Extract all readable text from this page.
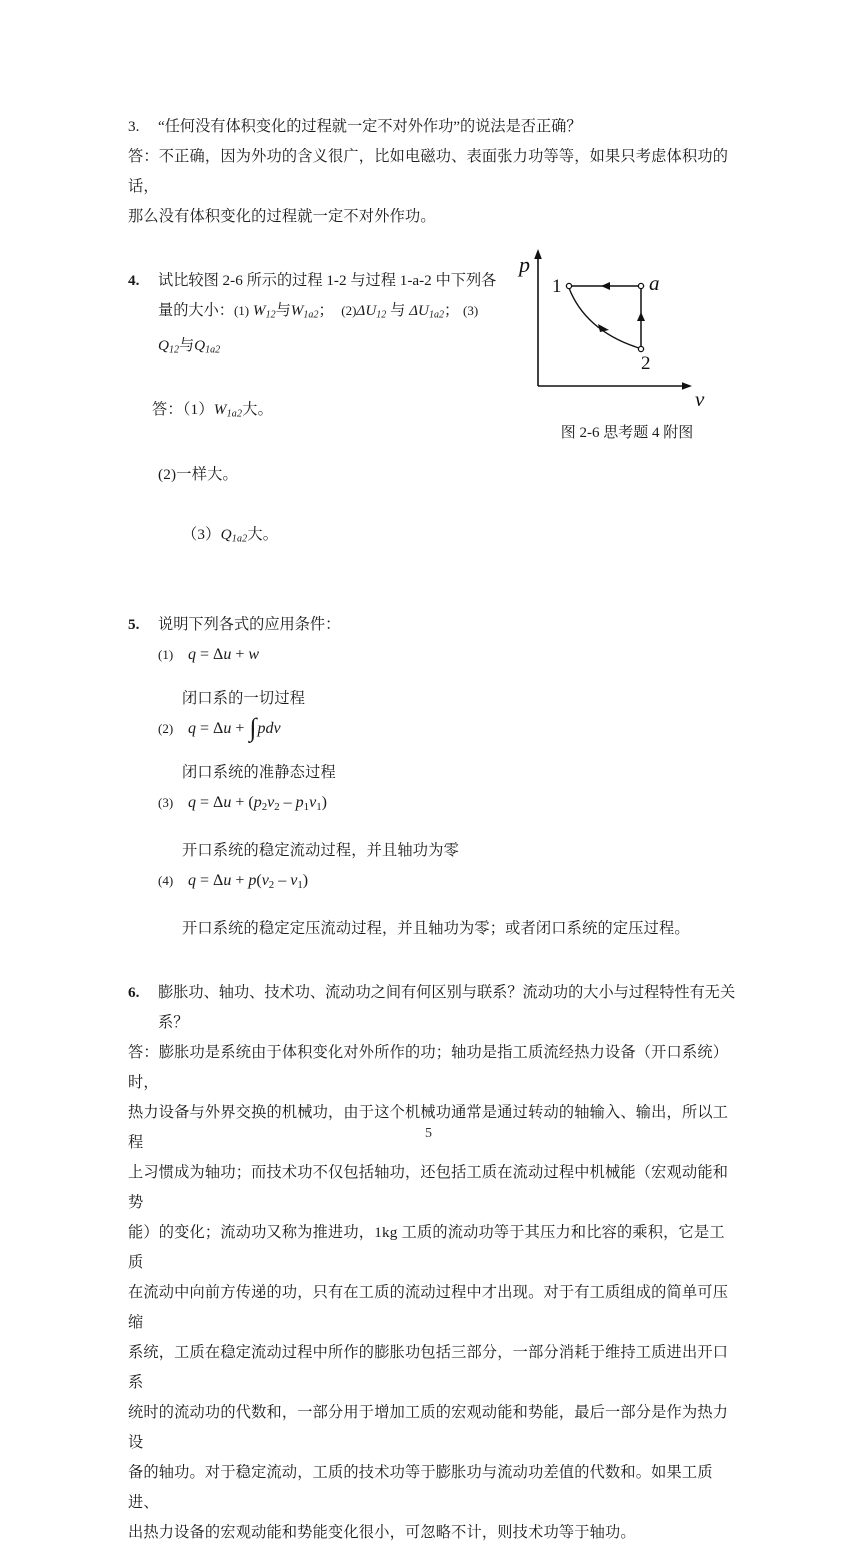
3.	“任何没有体积变化的过程就一定不对外作功”的说法是否正确？
答：不正确，因为外功的含义很广，比如电磁功、表面张力功等等，如果只考虑体积功的话，
那么没有体积变化的过程就一定不对外作功。
4.	试比较图 2-6 所示的过程 1-2 与过程 1-a-2 中下列各
量的大小：(1) $W_{12}$与$W_{1a2}$； $(2)\Delta U_{12}$ 与 $\Delta U_{1a2}$； (3)
$Q_{12}$与$Q_{1a2}$

答：$(1)W_{1a2}$大。

(2)一样大。

$(3)Q_{1a2}$大。

5.	说明下列各式的应用条件：
(1) q = Δu + w
闭口系的一切过程
(2) q = Δu + ∫pdv
闭口系统的准静态过程
(3) $q = \Delta u + (p_2v_2 - p_1v_1)$
开口系统的稳定流动过程，并且轴功为零
(4) $q = \Delta u + p(v_2 - v_1)$
开口系统的稳定定压流动过程，并且轴功为零；或者闭口系统的定压过程。
6.	膨胀功、轴功、技术功、流动功之间有何区别与联系？流动功的大小与过程特性有无关
系？
答：膨胀功是系统由于体积变化对外所作的功；轴功是指工质流经热力设备（开口系统）时，
热力设备与外界交换的机械功，由于这个机械功通常是通过转动的轴输入、输出，所以工程
上习惯成为轴功；而技术功不仅包括轴功，还包括工质在流动过程中机械能（宏观动能和势
能）的变化；流动功又称为推进功，1kg 工质的流动功等于其压力和比容的乘积，它是工质
在流动中向前方传递的功，只有在工质的流动过程中才出现。对于有工质组成的简单可压缩
系统，工质在稳定流动过程中所作的膨胀功包括三部分，一部分消耗于维持工质进出开口系
统时的流动功的代数和，一部分用于增加工质的宏观动能和势能，最后一部分是作为热力设
备的轴功。对于稳定流动，工质的技术功等于膨胀功与流动功差值的代数和。如果工质进、
出热力设备的宏观动能和势能变化很小，可忽略不计，则技术功等于轴功。
p
v
1	a
2
图 2-6 思考题 4 附图
5
